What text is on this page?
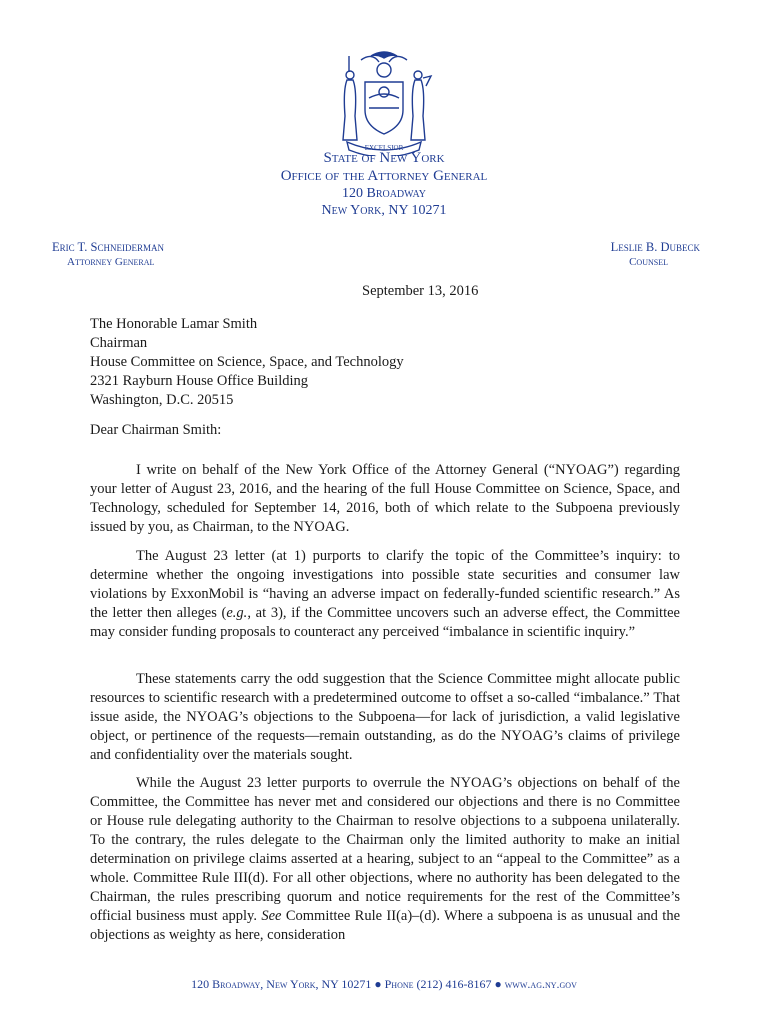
EXCELSIOR
State of New York
Office of the Attorney General
120 Broadway
New York, NY 10271
Eric T. Schneiderman
Attorney General
Leslie B. Dubeck
Counsel
September 13, 2016
The Honorable Lamar Smith
Chairman
House Committee on Science, Space, and Technology
2321 Rayburn House Office Building
Washington, D.C. 20515
Dear Chairman Smith:
I write on behalf of the New York Office of the Attorney General (“NYOAG”) regarding your letter of August 23, 2016, and the hearing of the full House Committee on Science, Space, and Technology, scheduled for September 14, 2016, both of which relate to the Subpoena previously issued by you, as Chairman, to the NYOAG.
The August 23 letter (at 1) purports to clarify the topic of the Committee’s inquiry: to determine whether the ongoing investigations into possible state securities and consumer law violations by ExxonMobil is “having an adverse impact on federally-funded scientific research.” As the letter then alleges (e.g., at 3), if the Committee uncovers such an adverse effect, the Committee may consider funding proposals to counteract any perceived “imbalance in scientific inquiry.”
These statements carry the odd suggestion that the Science Committee might allocate public resources to scientific research with a predetermined outcome to offset a so-called “imbalance.” That issue aside, the NYOAG’s objections to the Subpoena—for lack of jurisdiction, a valid legislative object, or pertinence of the requests—remain outstanding, as do the NYOAG’s claims of privilege and confidentiality over the materials sought.
While the August 23 letter purports to overrule the NYOAG’s objections on behalf of the Committee, the Committee has never met and considered our objections and there is no Committee or House rule delegating authority to the Chairman to resolve objections to a subpoena unilaterally. To the contrary, the rules delegate to the Chairman only the limited authority to make an initial determination on privilege claims asserted at a hearing, subject to an “appeal to the Committee” as a whole. Committee Rule III(d). For all other objections, where no authority has been delegated to the Chairman, the rules prescribing quorum and notice requirements for the rest of the Committee’s official business must apply. See Committee Rule II(a)–(d). Where a subpoena is as unusual and the objections as weighty as here, consideration
120 Broadway, New York, NY 10271 ● Phone (212) 416-8167 ● www.ag.ny.gov
